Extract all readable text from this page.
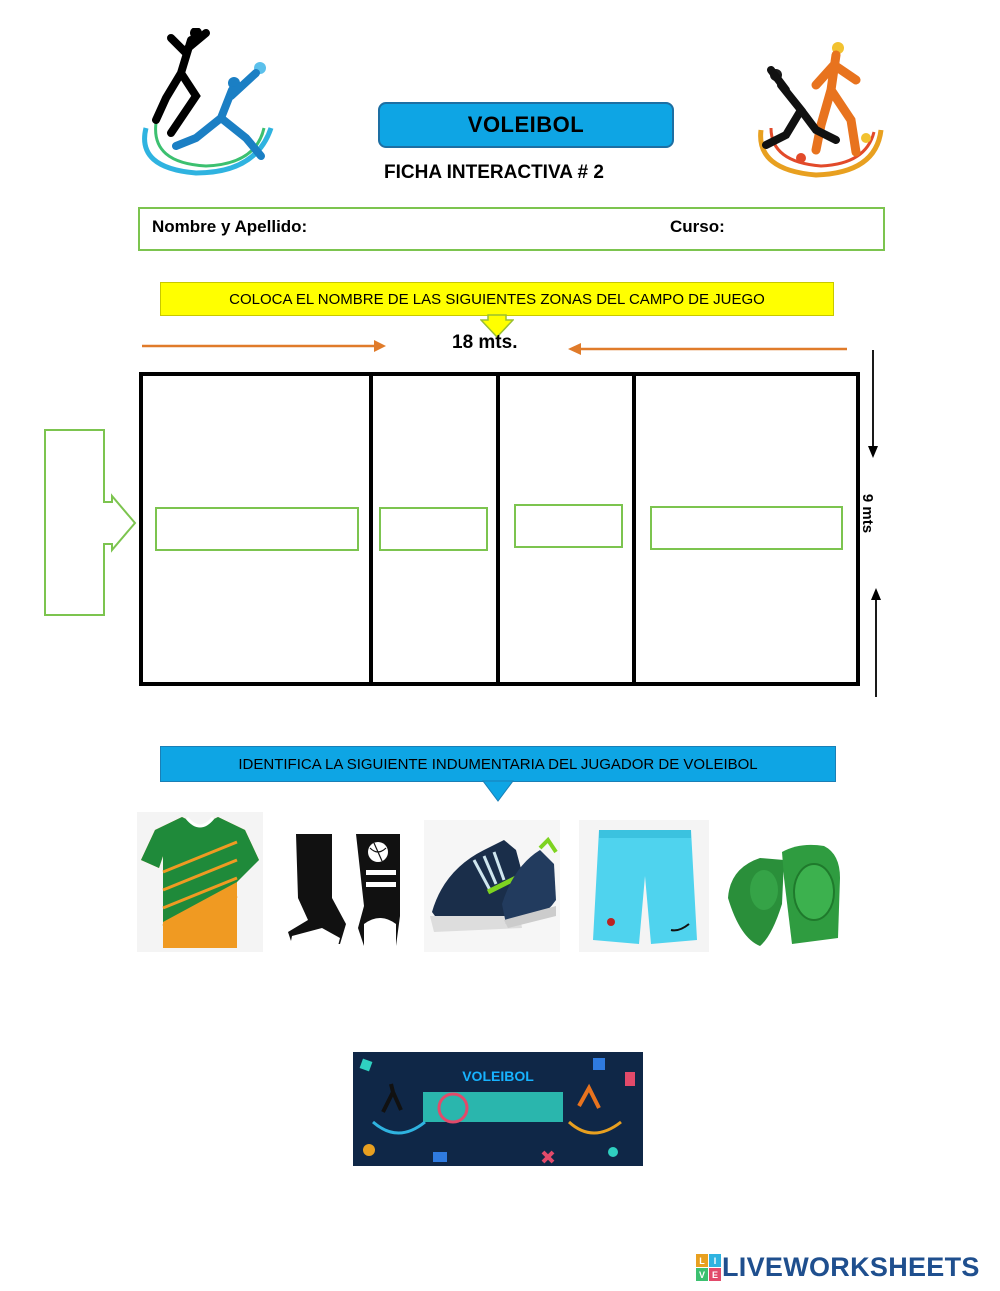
VOLEIBOL
FICHA INTERACTIVA # 2
Nombre y Apellido:	Curso:
COLOCA EL NOMBRE DE LAS SIGUIENTES ZONAS DEL CAMPO DE JUEGO
18 mts.
9 mts
IDENTIFICA LA SIGUIENTE INDUMENTARIA DEL JUGADOR DE VOLEIBOL
VOLEIBOL
L I
V E LIVEWORKSHEETS
